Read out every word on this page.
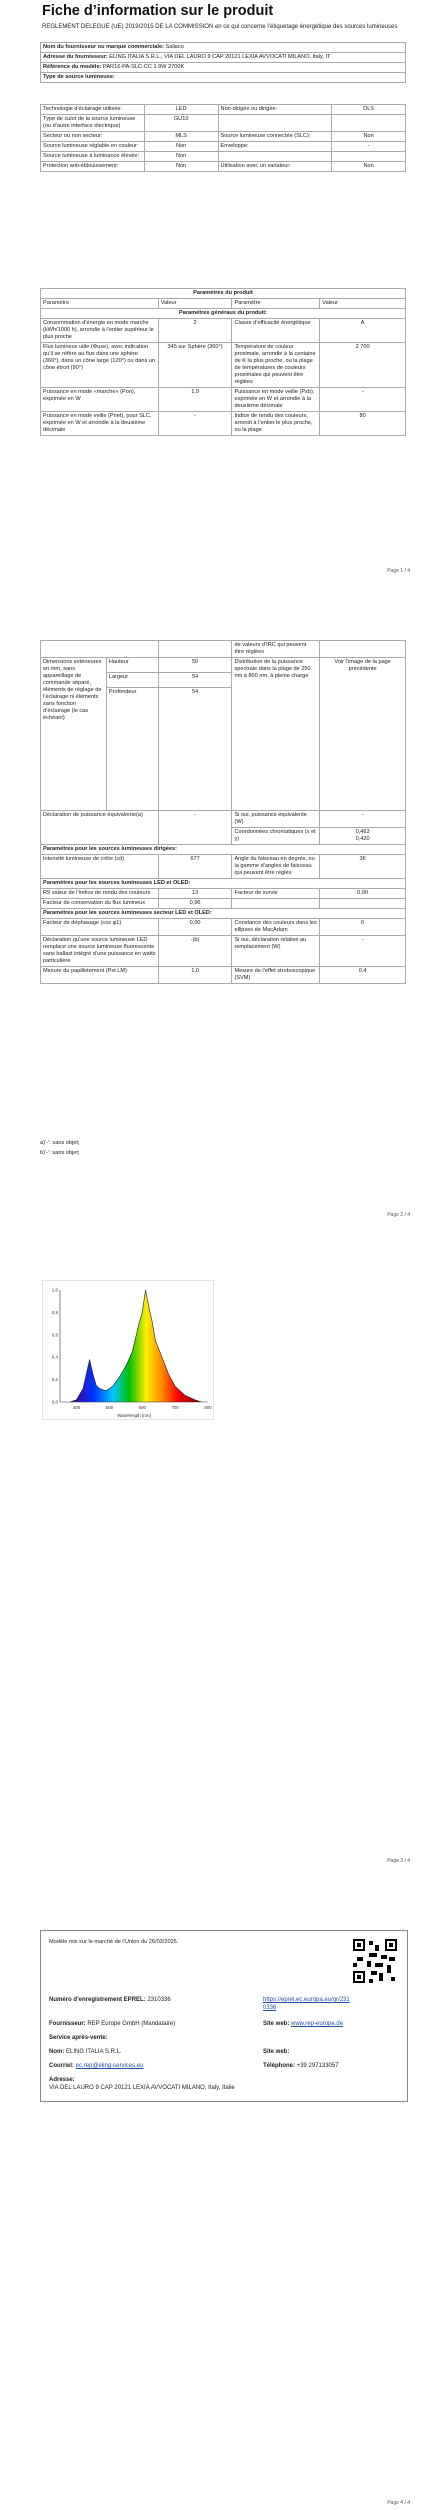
Fiche d’information sur le produit
REGLEMENT DELEGUE (UE) 2019/2015 DE LA COMMISSION en ce qui concerne l’étiquetage énergétique des sources lumineuses
Nom du fournisseur ou marque commerciale: Saliaco
Adresse du fournisseur: ELING ITALIA S.R.L., VIA DEL LAURO 9 CAP 20121 LEXIA AVVOCATI MILANO, Italy, IT
Référence du modèle: PAR16-PA-SLC-CC 1.9W 2700K
Type de source lumineuse:
Technologie d’éclairage utilisée:	LED	Non-dirigée ou dirigée:	DLS
Type de culot de la source lumineuse (ou d’autre interface électrique)	GU10		
Secteur ou non secteur:	MLS	Source lumineuse connectée (SLC):	Non
Source lumineuse réglable en couleur:	Non	Enveloppe:	-
Source lumineuse à luminance élevée:	Non		
Protection anti-éblouissement:	Non	Utilisation avec un variateur:	Non
Paramètres du produit			
Paramètre	Valeur	Paramètre	Valeur
Paramètres généraux du produit:			
Consommation d’énergie en mode marche (kWh/1000 h), arrondie à l’entier supérieur le plus proche	2	Classe d’efficacité énergétique	A
Flux lumineux utile (Φuse), avec indication qu’il se réfère au flux dans une sphère (360°), dans un cône large (120°) ou dans un cône étroit (90°)	345 sur Sphère (360°)	Température de couleur proximale, arrondie à la centaine de K la plus proche, ou la plage de températures de couleurs proximales qui peuvent être réglées	2 700
Puissance en mode «marche» (Pon), exprimée en W	1,9	Puissance en mode veille (Psb), exprimée en W et arrondie à la deuxième décimale	-
Puissance en mode veille (Pnet), pour SLC, exprimée en W et arrondie à la deuxième décimale	-	Indice de rendu des couleurs, arrondi à l’entier le plus proche, ou la plage	80
Page 1 / 4
			de valeurs d’IRC qui peuvent être réglées	
Dimensions extérieures en mm, sans appareillage de commande séparé, éléments de réglage de l’éclairage ni éléments sans fonction d’éclairage (le cas échéant)	Hauteur	50	Distribution de la puissance spectrale dans la plage de 250 nm à 800 nm, à pleine charge	Voir l’image de la page précédente
	Largeur	54		
	Profondeur	54		
Déclaration de puissance équivalente(a)		-	Si oui, puissance équivalente (W)	-
			Coordonnées chromatiques (x et y)	0,463
0,420

Paramètres pour les sources lumineuses dirigées:				
Intensité lumineuse de crête (cd)		677	Angle du faisceau en degrés, ou la gamme d’angles de faisceau qui peuvent être réglés	36
Paramètres pour les sources lumineuses LED et OLED:				
R9 valeur de l’indice de rendu des couleurs		13	Facteur de survie	0,90
Facteur de conservation du flux lumineux		0,96		
Paramètres pour les sources lumineuses secteur LED et OLED:				
Facteur de déphasage (cos φ1)		0,00	Constance des couleurs dans les ellipses de MacAdam	6
Déclaration qu’une source lumineuse LED remplace une source lumineuse fluorescente sans ballast intégré d’une puissance en watts particulière		-(b)	Si oui, déclaration relative au remplacement (W)	-
Mesure du papillotement (Pst LM)		1,0	Mesure de l’effet stroboscopique (SVM)	0,4
a)’-’: sans objet;
b)’-’: sans objet;
Page 2 / 4
400	500	600	700	800
0,0
0,2
0,4
0,6
0,8
1,0
Wavelength [nm]
Page 3 / 4
Modèle mis sur le marché de l’Union du 26/03/2025.
Numéro d’enregistrement EPREL: 2310336	https://eprel.ec.europa.eu/qr/2310336
Fournisseur: REP Europe GmbH (Mandataire)	Site web: www.rep-europe.de
Service après-vente:
Nom: ELING ITALIA S.R.L.	Site web:
Courriel: ec.rep@eling-services.eu	Téléphone: +39 297133057
Adresse:
VIA DEL LAURO 9 CAP 20121 LEXIA AVVOCATI MILANO, Italy, Italie
Page 4 / 4
